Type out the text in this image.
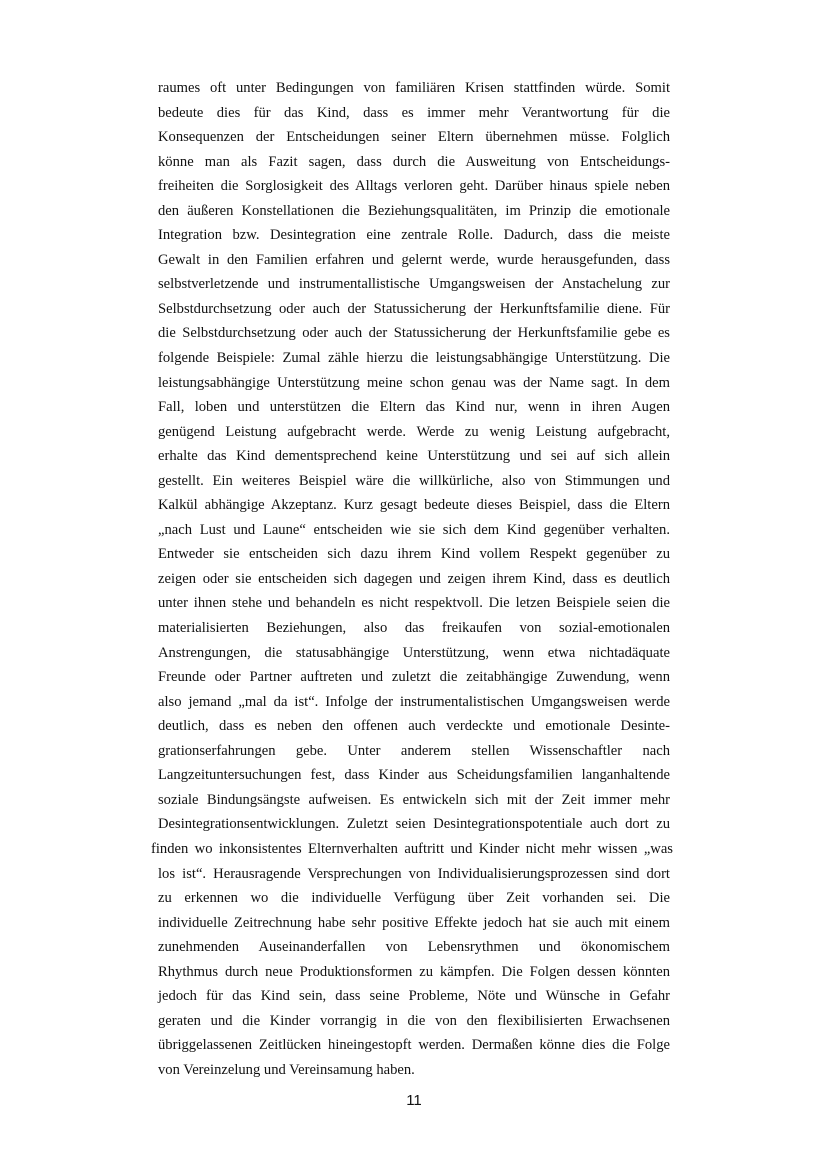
raumes oft unter Bedingungen von familiären Krisen stattfinden würde. Somit
bedeute dies für das Kind, dass es immer mehr Verantwortung für die
Konsequenzen der Entscheidungen seiner Eltern übernehmen müsse. Folglich
könne man als Fazit sagen, dass durch die Ausweitung von Entscheidungs-
freiheiten die Sorglosigkeit des Alltags verloren geht. Darüber hinaus spiele neben
den äußeren Konstellationen die Beziehungsqualitäten, im Prinzip die emotionale
Integration bzw. Desintegration eine zentrale Rolle. Dadurch, dass die meiste
Gewalt in den Familien erfahren und gelernt werde, wurde herausgefunden, dass
selbstverletzende und instrumentallistische Umgangsweisen der Anstachelung zur
Selbstdurchsetzung oder auch der Statussicherung der Herkunftsfamilie diene. Für
die Selbstdurchsetzung oder auch der Statussicherung der Herkunftsfamilie gebe es
folgende Beispiele: Zumal zähle hierzu die leistungsabhängige Unterstützung. Die
leistungsabhängige Unterstützung meine schon genau was der Name sagt. In dem
Fall, loben und unterstützen die Eltern das Kind nur, wenn in ihren Augen
genügend Leistung aufgebracht werde. Werde zu wenig Leistung aufgebracht,
erhalte das Kind dementsprechend keine Unterstützung und sei auf sich allein
gestellt. Ein weiteres Beispiel wäre die willkürliche, also von Stimmungen und
Kalkül abhängige Akzeptanz. Kurz gesagt bedeute dieses Beispiel, dass die Eltern
„nach Lust und Laune“ entscheiden wie sie sich dem Kind gegenüber verhalten.
Entweder sie entscheiden sich dazu ihrem Kind vollem Respekt gegenüber zu
zeigen oder sie entscheiden sich dagegen und zeigen ihrem Kind, dass es deutlich
unter ihnen stehe und behandeln es nicht respektvoll. Die letzen Beispiele seien die
materialisierten Beziehungen, also das freikaufen von sozial-emotionalen
Anstrengungen, die statusabhängige Unterstützung, wenn etwa nichtadäquate
Freunde oder Partner auftreten und zuletzt die zeitabhängige Zuwendung, wenn
also jemand „mal da ist“. Infolge der instrumentalistischen Umgangsweisen werde
deutlich, dass es neben den offenen auch verdeckte und emotionale Desinte-
grationserfahrungen gebe. Unter anderem stellen Wissenschaftler nach
Langzeituntersuchungen fest, dass Kinder aus Scheidungsfamilien langanhaltende
soziale Bindungsängste aufweisen. Es entwickeln sich mit der Zeit immer mehr
Desintegrationsentwicklungen. Zuletzt seien Desintegrationspotentiale auch dort zu
finden wo inkonsistentes Elternverhalten auftritt und Kinder nicht mehr wissen „was
los ist“. Herausragende Versprechungen von Individualisierungsprozessen sind dort
zu erkennen wo die individuelle Verfügung über Zeit vorhanden sei. Die
individuelle Zeitrechnung habe sehr positive Effekte jedoch hat sie auch mit einem
zunehmenden Auseinanderfallen von Lebensrythmen und ökonomischem
Rhythmus durch neue Produktionsformen zu kämpfen. Die Folgen dessen könnten
jedoch für das Kind sein, dass seine Probleme, Nöte und Wünsche in Gefahr
geraten und die Kinder vorrangig in die von den flexibilisierten Erwachsenen
übriggelassenen Zeitlücken hineingestopft werden. Dermaßen könne dies die Folge
von Vereinzelung und Vereinsamung haben.
11
